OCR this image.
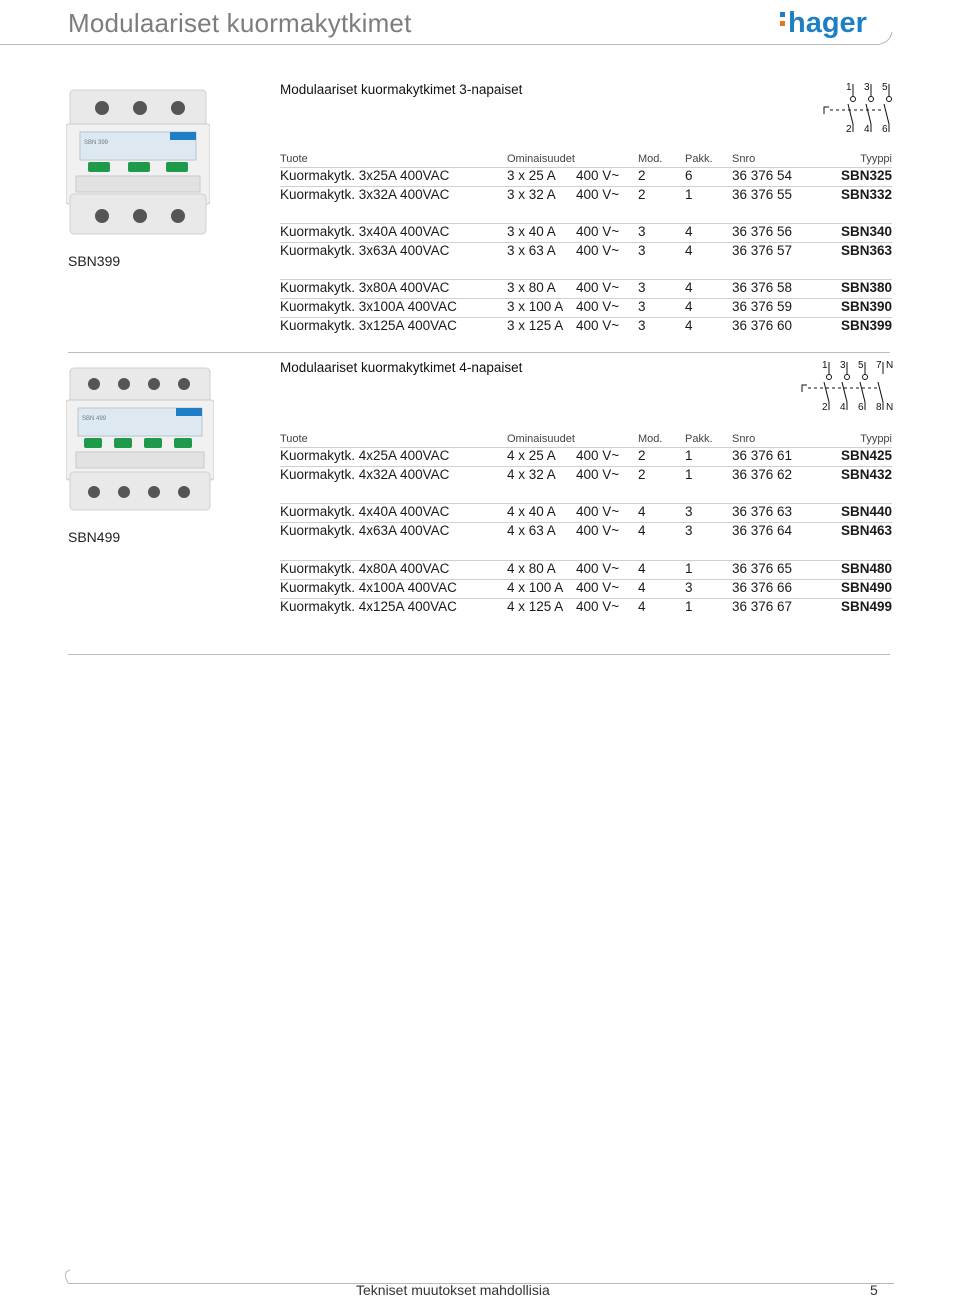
Modulaariset kuormakytkimet	hager
Modulaariset kuormakytkimet 3-napaiset
SBN 399
SBN399
1 3 5
2 4 6
Tuote	Ominaisuudet	Mod. Pakk. Snro	Tyyppi
Kuormakytk. 3x25A 400VAC	3 x 25 A 400 V~ 2	6	36 376 54	SBN325
Kuormakytk. 3x32A 400VAC	3 x 32 A 400 V~ 2	1	36 376 55	SBN332
Kuormakytk. 3x40A 400VAC	3 x 40 A 400 V~ 3	4	36 376 56	SBN340
Kuormakytk. 3x63A 400VAC	3 x 63 A 400 V~ 3	4	36 376 57	SBN363
Kuormakytk. 3x80A 400VAC	3 x 80 A 400 V~ 3	4	36 376 58	SBN380
Kuormakytk. 3x100A 400VAC	3 x 100 A 400 V~ 3	4	36 376 59	SBN390
Kuormakytk. 3x125A 400VAC	3 x 125 A 400 V~ 3	4	36 376 60	SBN399
Modulaariset kuormakytkimet 4-napaiset
SBN 499
SBN499
1 3 5 7 N
2 4 6 8 N
Tuote	Ominaisuudet	Mod. Pakk. Snro	Tyyppi
Kuormakytk. 4x25A 400VAC	4 x 25 A 400 V~ 2	1	36 376 61	SBN425
Kuormakytk. 4x32A 400VAC	4 x 32 A 400 V~ 2	1	36 376 62	SBN432
Kuormakytk. 4x40A 400VAC	4 x 40 A 400 V~ 4	3	36 376 63	SBN440
Kuormakytk. 4x63A 400VAC	4 x 63 A 400 V~ 4	3	36 376 64	SBN463
Kuormakytk. 4x80A 400VAC	4 x 80 A 400 V~ 4	1	36 376 65	SBN480
Kuormakytk. 4x100A 400VAC	4 x 100 A 400 V~ 4	3	36 376 66	SBN490
Kuormakytk. 4x125A 400VAC	4 x 125 A 400 V~ 4	1	36 376 67	SBN499
Tekniset muutokset mahdollisia	5
